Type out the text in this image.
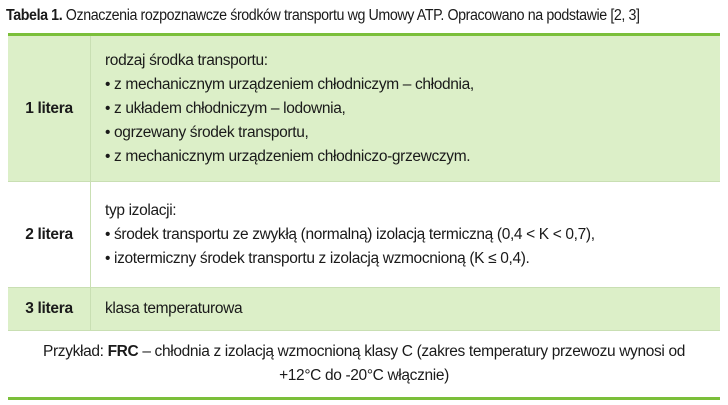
Tabela 1. Oznaczenia rozpoznawcze środków transportu wg Umowy ATP. Opracowano na podstawie [2, 3]
1 litera
rodzaj środka transportu:
• z mechanicznym urządzeniem chłodniczym – chłodnia,
• z układem chłodniczym – lodownia,
• ogrzewany środek transportu,
• z mechanicznym urządzeniem chłodniczo-grzewczym.
2 litera
typ izolacji:
• środek transportu ze zwykłą (normalną) izolacją termiczną (0,4 < K < 0,7),
• izotermiczny środek transportu z izolacją wzmocnioną (K ≤ 0,4).
3 litera	klasa temperaturowa
Przykład: FRC – chłodnia z izolacją wzmocnioną klasy C (zakres temperatury przewozu wynosi od +12°C do -20°C włącznie)
